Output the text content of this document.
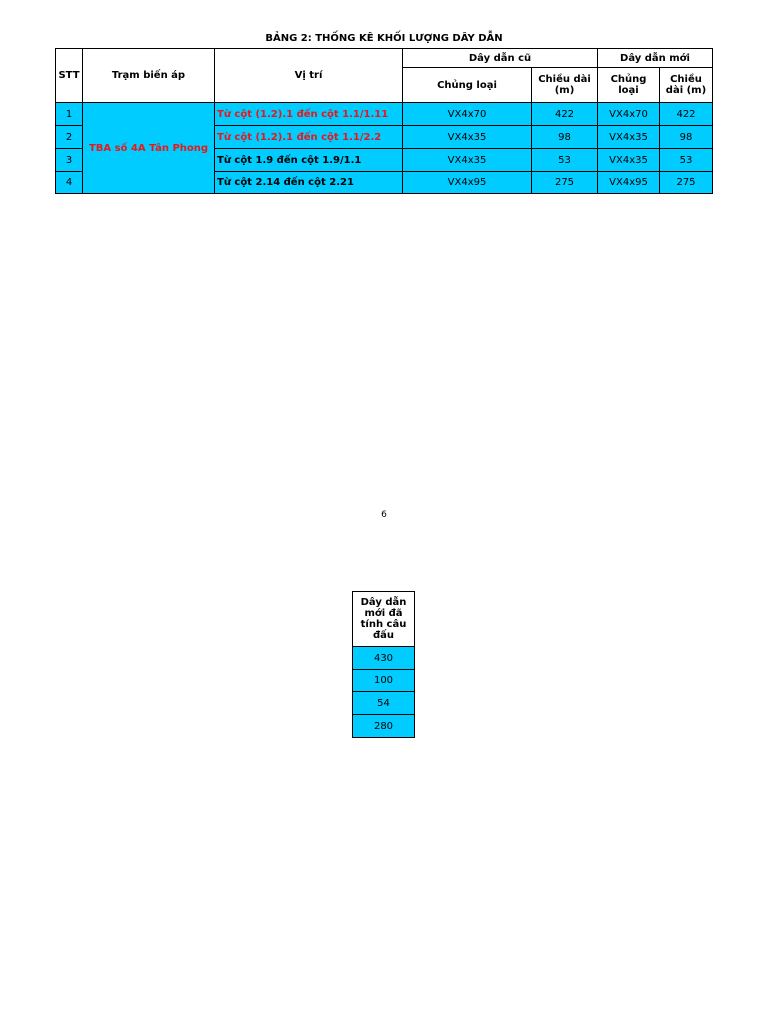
BẢNG 2: THỐNG KÊ KHỐI LƯỢNG DÂY DẪN
STT	Trạm biến áp	Vị trí	Dây dẫn cũ		Dây dẫn mới	
			Chủng loại	Chiều dài (m)	Chủng loại	Chiều dài (m)
1	TBA số 4A Tân Phong	Từ cột (1.2).1 đến cột 1.1/1.11	VX4x70	422	VX4x70	422
2		Từ cột (1.2).1 đến cột 1.1/2.2	VX4x35	98	VX4x35	98
3		Từ cột 1.9 đến cột 1.9/1.1	VX4x35	53	VX4x35	53
4		Từ cột 2.14 đến cột 2.21	VX4x95	275	VX4x95	275
6
Dây dẫn mới đã tính câu đấu
430
100
54
280
